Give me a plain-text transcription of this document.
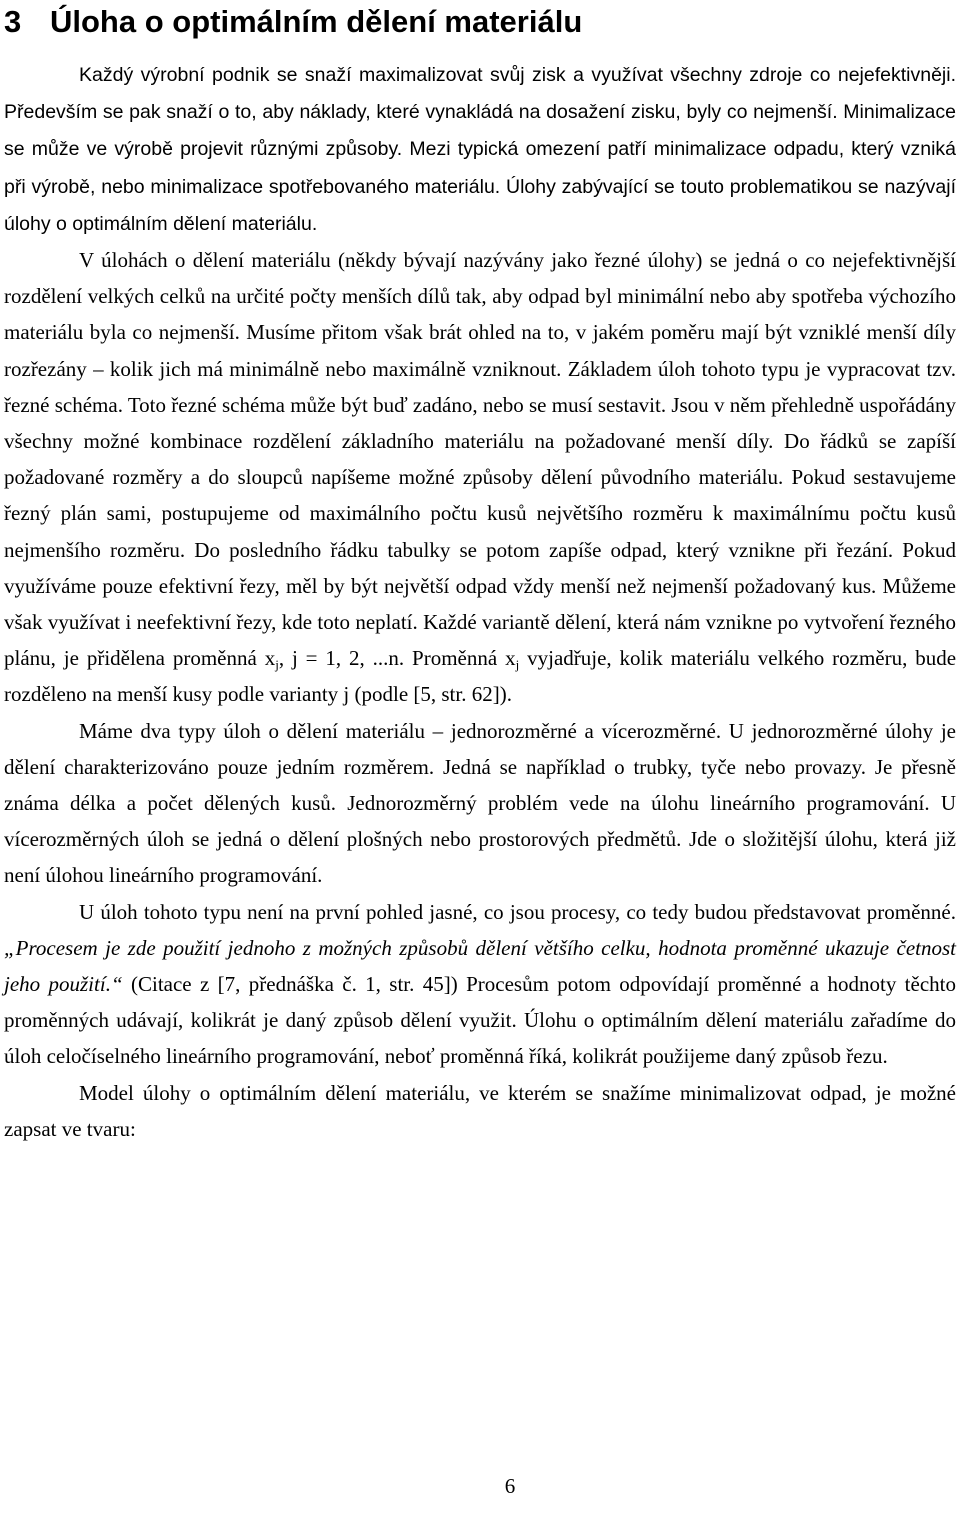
3 Úloha o optimálním dělení materiálu

Každý výrobní podnik se snaží maximalizovat svůj zisk a využívat všechny zdroje co nejefektivněji. Především se pak snaží o to, aby náklady, které vynakládá na dosažení zisku, byly co nejmenší. Minimalizace se může ve výrobě projevit různými způsoby. Mezi typická omezení patří minimalizace odpadu, který vzniká při výrobě, nebo minimalizace spotřebovaného materiálu. Úlohy zabývající se touto problematikou se nazývají úlohy o optimálním dělení materiálu.

V úlohách o dělení materiálu (někdy bývají nazývány jako řezné úlohy) se jedná o co nejefektivnější rozdělení velkých celků na určité počty menších dílů tak, aby odpad byl minimální nebo aby spotřeba výchozího materiálu byla co nejmenší. Musíme přitom však brát ohled na to, v jakém poměru mají být vzniklé menší díly rozřezány – kolik jich má minimálně nebo maximálně vzniknout. Základem úloh tohoto typu je vypracovat tzv. řezné schéma. Toto řezné schéma může být buď zadáno, nebo se musí sestavit. Jsou v něm přehledně uspořádány všechny možné kombinace rozdělení základního materiálu na požadované menší díly. Do řádků se zapíší požadované rozměry a do sloupců napíšeme možné způsoby dělení původního materiálu. Pokud sestavujeme řezný plán sami, postupujeme od maximálního počtu kusů největšího rozměru k maximálnímu počtu kusů nejmenšího rozměru. Do posledního řádku tabulky se potom zapíše odpad, který vznikne při řezání. Pokud využíváme pouze efektivní řezy, měl by být největší odpad vždy menší než nejmenší požadovaný kus. Můžeme však využívat i neefektivní řezy, kde toto neplatí. Každé variantě dělení, která nám vznikne po vytvoření řezného plánu, je přidělena proměnná $x_j$, j = 1, 2, ...n. Proměnná $x_j$ vyjadřuje, kolik materiálu velkého rozměru, bude rozděleno na menší kusy podle varianty j (podle [5, str. 62]).

Máme dva typy úloh o dělení materiálu – jednorozměrné a vícerozměrné. U jednorozměrné úlohy je dělení charakterizováno pouze jedním rozměrem. Jedná se například o trubky, tyče nebo provazy. Je přesně známa délka a počet dělených kusů. Jednorozměrný problém vede na úlohu lineárního programování. U vícerozměrných úloh se jedná o dělení plošných nebo prostorových předmětů. Jde o složitější úlohu, která již není úlohou lineárního programování.

U úloh tohoto typu není na první pohled jasné, co jsou procesy, co tedy budou představovat proměnné. „Procesem je zde použití jednoho z možných způsobů dělení většího celku, hodnota proměnné ukazuje četnost jeho použití.“ (Citace z [7, přednáška č. 1, str. 45]) Procesům potom odpovídají proměnné a hodnoty těchto proměnných udávají, kolikrát je daný způsob dělení využit. Úlohu o optimálním dělení materiálu zařadíme do úloh celočíselného lineárního programování, neboť proměnná říká, kolikrát použijeme daný způsob řezu.

Model úlohy o optimálním dělení materiálu, ve kterém se snažíme minimalizovat odpad, je možné zapsat ve tvaru:

6
